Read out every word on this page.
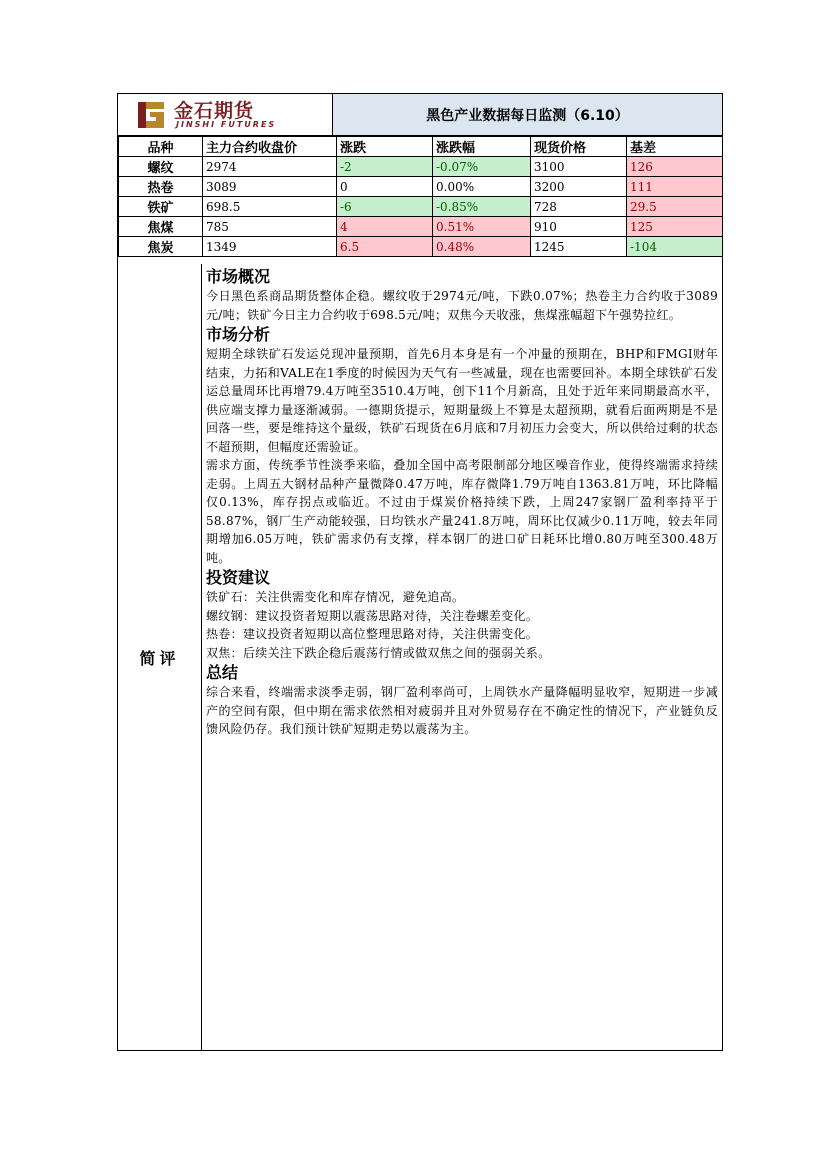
金石期货
JINSHI FUTURES
黑色产业数据每日监测（6.10）
品种	主力合约收盘价	涨跌	涨跌幅	现货价格	基差
螺纹	2974	-2	-0.07%	3100	126
热卷	3089	0	0.00%	3200	111
铁矿	698.5	-6	-0.85%	728	29.5
焦煤	785	4	0.51%	910	125
焦炭	1349	6.5	0.48%	1245	-104
简评
市场概况

今日黑色系商品期货整体企稳。螺纹收于2974元/吨，下跌0.07%；热卷主力合约收于3089元/吨；铁矿今日主力合约收于698.5元/吨；双焦今天收涨，焦煤涨幅超下午强势拉红。

市场分析

短期全球铁矿石发运兑现冲量预期，首先6月本身是有一个冲量的预期在，BHP和FMGI财年结束，力拓和VALE在1季度的时候因为天气有一些减量，现在也需要回补。本期全球铁矿石发运总量周环比再增79.4万吨至3510.4万吨，创下11个月新高，且处于近年来同期最高水平，供应端支撑力量逐渐减弱。一德期货提示，短期量级上不算是太超预期，就看后面两期是不是回落一些，要是维持这个量级，铁矿石现货在6月底和7月初压力会变大，所以供给过剩的状态不超预期，但幅度还需验证。

需求方面，传统季节性淡季来临，叠加全国中高考限制部分地区噪音作业，使得终端需求持续走弱。上周五大钢材品种产量微降0.47万吨，库存微降1.79万吨自1363.81万吨，环比降幅仅0.13%，库存拐点或临近。不过由于煤炭价格持续下跌，上周247家钢厂盈利率持平于58.87%，钢厂生产动能较强，日均铁水产量241.8万吨，周环比仅减少0.11万吨，较去年同期增加6.05万吨，铁矿需求仍有支撑，样本钢厂的进口矿日耗环比增0.80万吨至300.48万吨。

投资建议

铁矿石：关注供需变化和库存情况，避免追高。

螺纹钢：建议投资者短期以震荡思路对待，关注卷螺差变化。

热卷：建议投资者短期以高位整理思路对待，关注供需变化。

双焦：后续关注下跌企稳后震荡行情或做双焦之间的强弱关系。

总结

综合来看，终端需求淡季走弱，钢厂盈利率尚可，上周铁水产量降幅明显收窄，短期进一步减产的空间有限，但中期在需求依然相对疲弱并且对外贸易存在不确定性的情况下，产业链负反馈风险仍存。我们预计铁矿短期走势以震荡为主。
